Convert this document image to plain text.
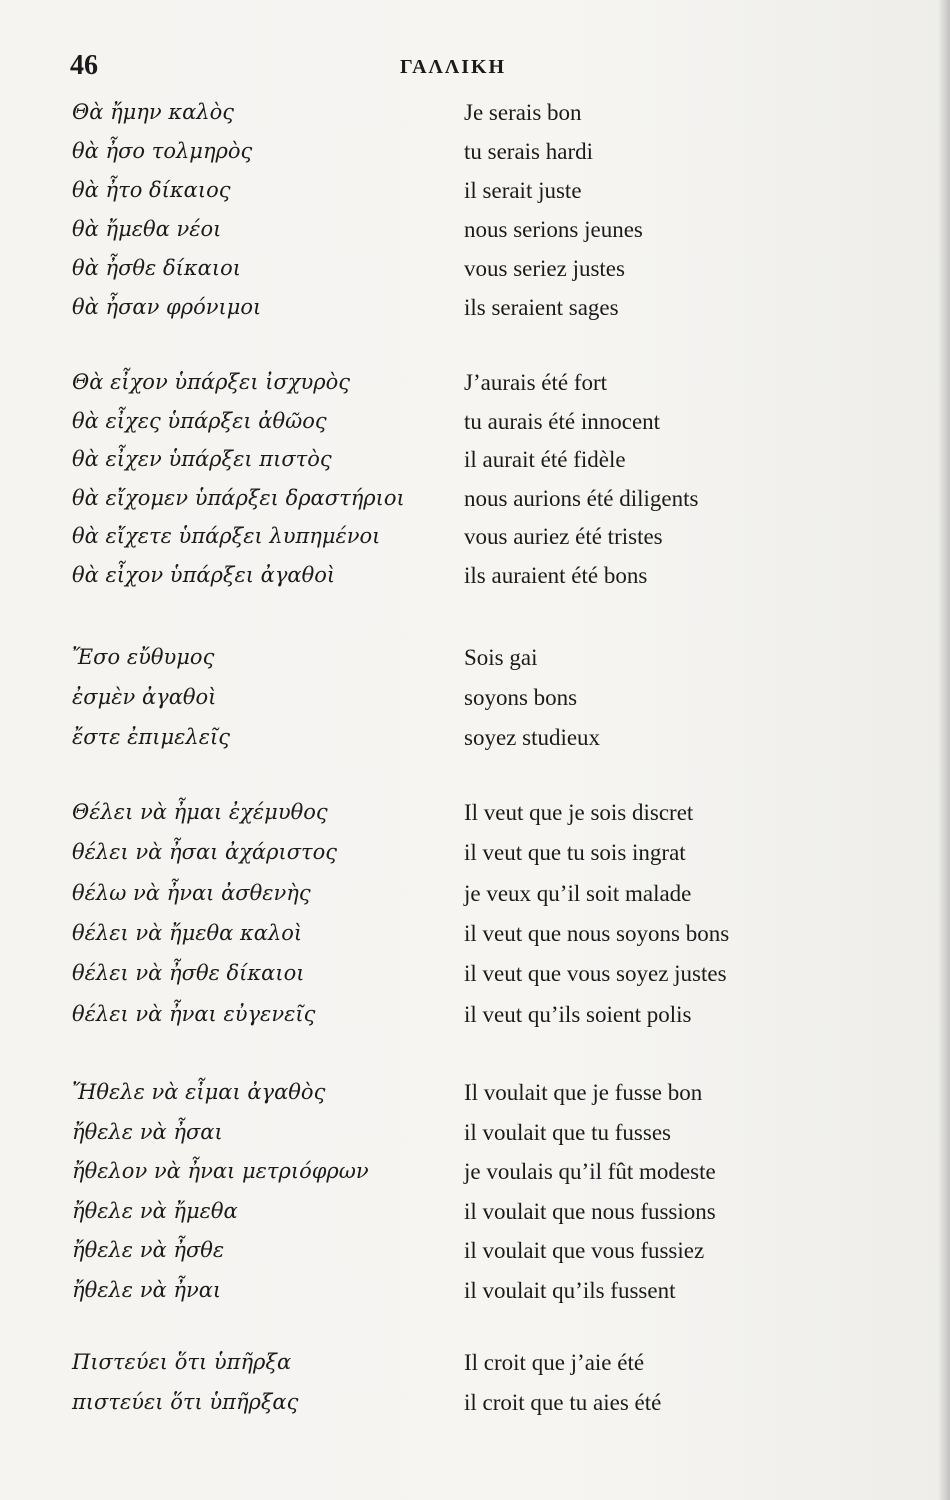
46	ΓΑΛΛΙΚΗ
Θὰ ἤμην καλὸς	Je serais bon
θὰ ἦσο τολμηρὸς	tu serais hardi
θὰ ἦτο δίκαιος	il serait juste
θὰ ἤμεθα νέοι	nous serions jeunes
θὰ ἦσθε δίκαιοι	vous seriez justes
θὰ ἦσαν φρόνιμοι	ils seraient sages
Θὰ εἶχον ὑπάρξει ἰσχυρὸς	J’aurais été fort
θὰ εἶχες ὑπάρξει ἀθῶος	tu aurais été innocent
θὰ εἶχεν ὑπάρξει πιστὸς	il aurait été fidèle
θὰ εἴχομεν ὑπάρξει δραστήριοι	nous aurions été diligents
θὰ εἴχετε ὑπάρξει λυπημένοι	vous auriez été tristes
θὰ εἶχον ὑπάρξει ἀγαθοὶ	ils auraient été bons
Ἔσο εὔθυμος	Sois gai
ἐσμὲν ἀγαθοὶ	soyons bons
ἔστε ἐπιμελεῖς	soyez studieux
Θέλει νὰ ἦμαι ἐχέμυθος	Il veut que je sois discret
θέλει νὰ ἦσαι ἀχάριστος	il veut que tu sois ingrat
θέλω νὰ ἦναι ἀσθενὴς	je veux qu’il soit malade
θέλει νὰ ἤμεθα καλοὶ	il veut que nous soyons bons
θέλει νὰ ἦσθε δίκαιοι	il veut que vous soyez justes
θέλει νὰ ἦναι εὐγενεῖς	il veut qu’ils soient polis
Ἤθελε νὰ εἶμαι ἀγαθὸς	Il voulait que je fusse bon
ἤθελε νὰ ἦσαι	il voulait que tu fusses
ἤθελον νὰ ἦναι μετριόφρων	je voulais qu’il fût modeste
ἤθελε νὰ ἤμεθα	il voulait que nous fussions
ἤθελε νὰ ἦσθε	il voulait que vous fussiez
ἤθελε νὰ ἦναι	il voulait qu’ils fussent
Πιστεύει ὅτι ὑπῆρξα	Il croit que j’aie été
πιστεύει ὅτι ὑπῆρξας	il croit que tu aies été
